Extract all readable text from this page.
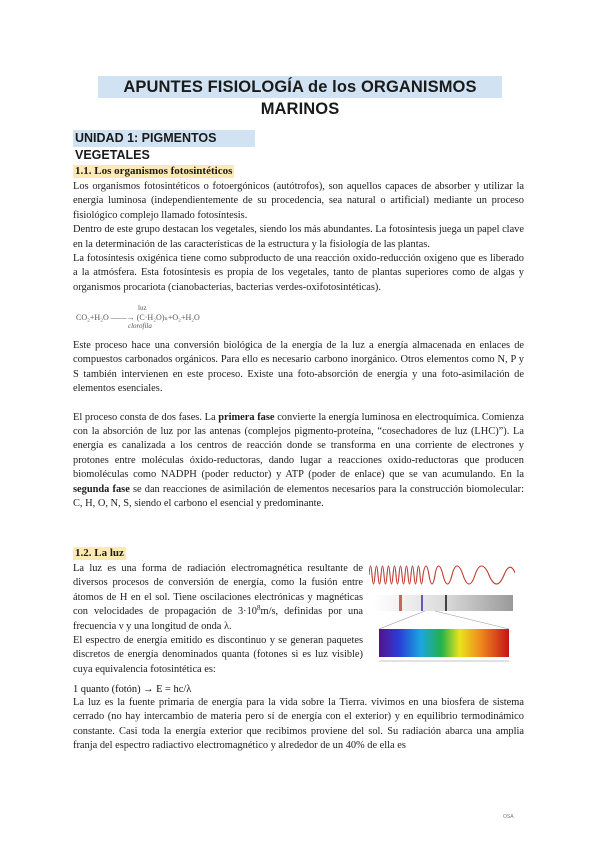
APUNTES FISIOLOGÍA de los ORGANISMOS MARINOS
UNIDAD 1: PIGMENTOS VEGETALES
1.1. Los organismos fotosintéticos

Los organismos fotosintéticos o fotoergónicos (autótrofos), son aquellos capaces de absorber y utilizar la energía luminosa (independientemente de su procedencia, sea natural o artificial) mediante un proceso fisiológico complejo llamado fotosíntesis.

Dentro de este grupo destacan los vegetales, siendo los más abundantes. La fotosíntesis juega un papel clave en la determinación de las características de la estructura y la fisiología de las plantas.

La fotosíntesis oxigénica tiene como subproducto de una reacción oxido-reducción oxigeno que es liberado a la atmósfera. Esta fotosíntesis es propia de los vegetales, tanto de plantas superiores como de algas y organismos procariota (cianobacterias, bacterias verdes-oxifotosintéticas).

luz
CO₂+H₂O ——→ (C·H₂O)ₙ+O₂+H₂O
clorofila

Este proceso hace una conversión biológica de la energía de la luz a energía almacenada en enlaces de compuestos carbonados orgánicos. Para ello es necesario carbono inorgánico. Otros elementos como N, P y S también intervienen en este proceso. Existe una foto-absorción de energía y una foto-asimilación de elementos esenciales.

El proceso consta de dos fases. La primera fase convierte la energía luminosa en electroquímica. Comienza con la absorción de luz por las antenas (complejos pigmento-proteína, “cosechadores de luz (LHC)”). La energía es canalizada a los centros de reacción donde se transforma en una corriente de electrones y protones entre moléculas óxido-reductoras, dando lugar a reacciones oxido-reductoras que producen biomoléculas como NADPH (poder reductor) y ATP (poder de enlace) que se van acumulando. En la segunda fase se dan reacciones de asimilación de elementos necesarios para la construcción biomolecular: C, H, O, N, S, siendo el carbono el esencial y predominante.

1.2. La luz

La luz es una forma de radiación electromagnética resultante de diversos procesos de conversión de energía, como la fusión entre átomos de H en el sol. Tiene oscilaciones electrónicas y magnéticas con velocidades de propagación de $3\cdot 10^8m/s$, definidas por una frecuencia ν y una longitud de onda λ.

El espectro de energía emitido es discontinuo y se generan paquetes discretos de energía denominados quanta (fotones si es luz visible) cuya equivalencia fotosintética es:

1 quanto (fotón) → E = hc/λ

La luz es la fuente primaria de energía para la vida sobre la Tierra. vivimos en una biosfera de sistema cerrado (no hay intercambio de materia pero sí de energía con el exterior) y en equilibrio termodinámico constante. Casi toda la energía exterior que recibimos proviene del sol. Su radiación abarca una amplia franja del espectro radiactivo electromagnético y alrededor de un 40% de ella es

OSA
